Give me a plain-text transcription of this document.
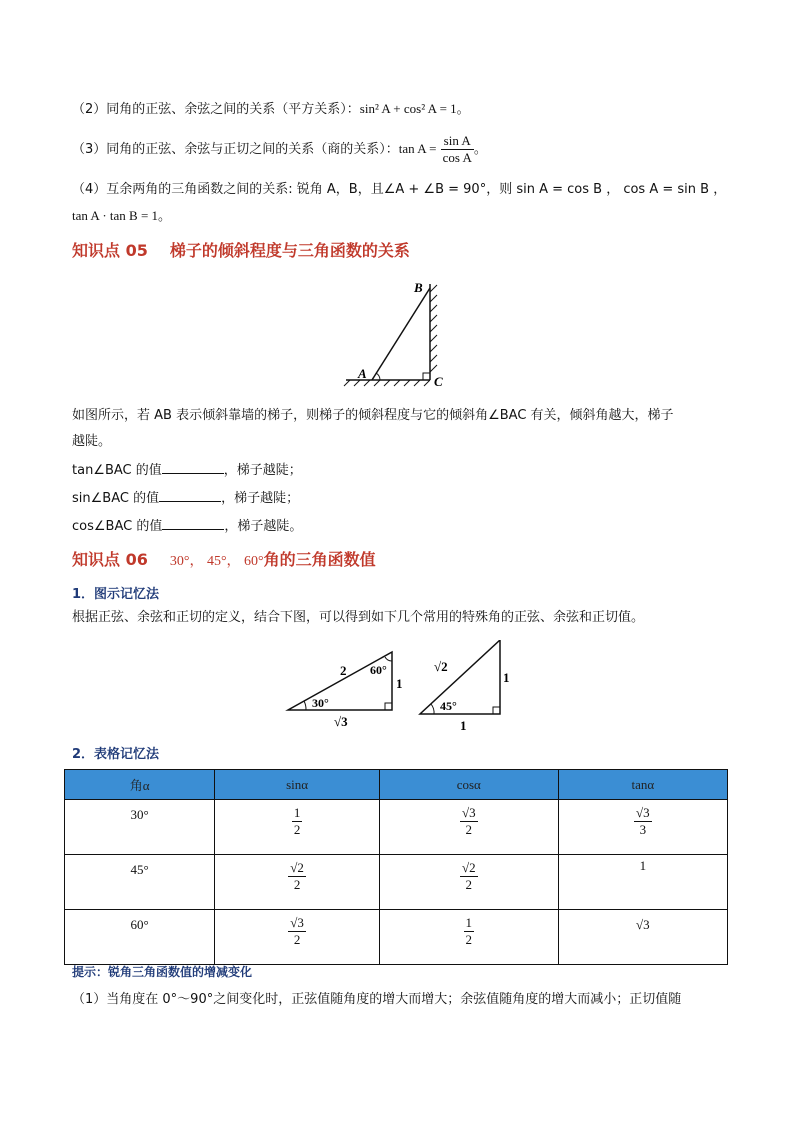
（2）同角的正弦、余弦之间的关系（平方关系）：sin² A + cos² A = 1。
（3）同角的正弦、余弦与正切之间的关系（商的关系）：$\tan A = \frac{\text{sin A}}{\text{cos A}}$ 。
（4）互余两角的三角函数之间的关系: 锐角 A，B，且∠A + ∠B = 90°，则 sin A = cos B ， cos A = sin B ，
tan A · tan B = 1。
知识点 05 梯子的倾斜程度与三角函数的关系
B
A
C
如图所示，若 AB 表示倾斜靠墙的梯子，则梯子的倾斜程度与它的倾斜角∠BAC 有关，倾斜角越大，梯子
越陡。
tan∠BAC 的值	，梯子越陡；
sin∠BAC 的值	，梯子越陡；
cos∠BAC 的值	，梯子越陡。
知识点 06 30°， 45°， 60°角的三角函数值
1．图示记忆法
根据正弦、余弦和正切的定义，结合下图，可以得到如下几个常用的特殊角的正弦、余弦和正切值。
2 60°
1
30°
√3
√2
1
45°
1
2．表格记忆法
角α	sinα	cosα	tanα

30°	$\frac{1}{2}$	$\frac{√3}{2}$	$\frac{√3}{3}$

45°	$\frac{√2}{2}$	$\frac{√2}{2}$	1

60°	$\frac{√3}{2}$	$\frac{1}{2}$	√3
提示：锐角三角函数值的增减变化
（1）当角度在 0°～90°之间变化时，正弦值随角度的增大而增大；余弦值随角度的增大而减小；正切值随
